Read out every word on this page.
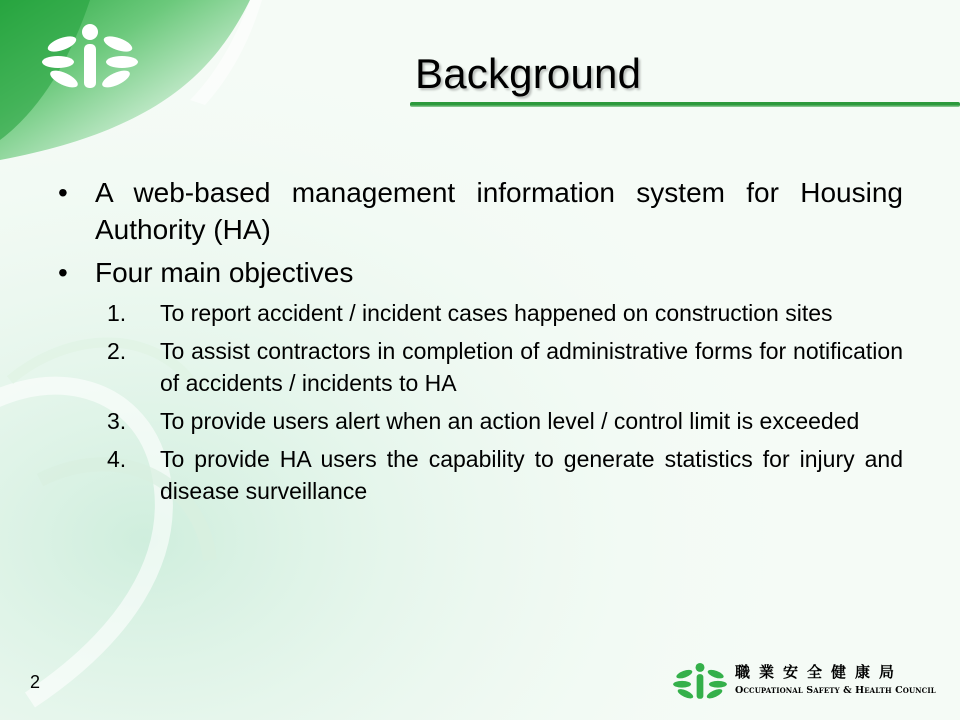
Background
• A web-based management information system for Housing Authority (HA)
• Four main objectives
1. To report accident / incident cases happened on construction sites
2. To assist contractors in completion of administrative forms for notification of accidents / incidents to HA
3. To provide users alert when an action level / control limit is exceeded
4. To provide HA users the capability to generate statistics for injury and disease surveillance
2	職業安全健康局
Occupational Safety & Health Council
